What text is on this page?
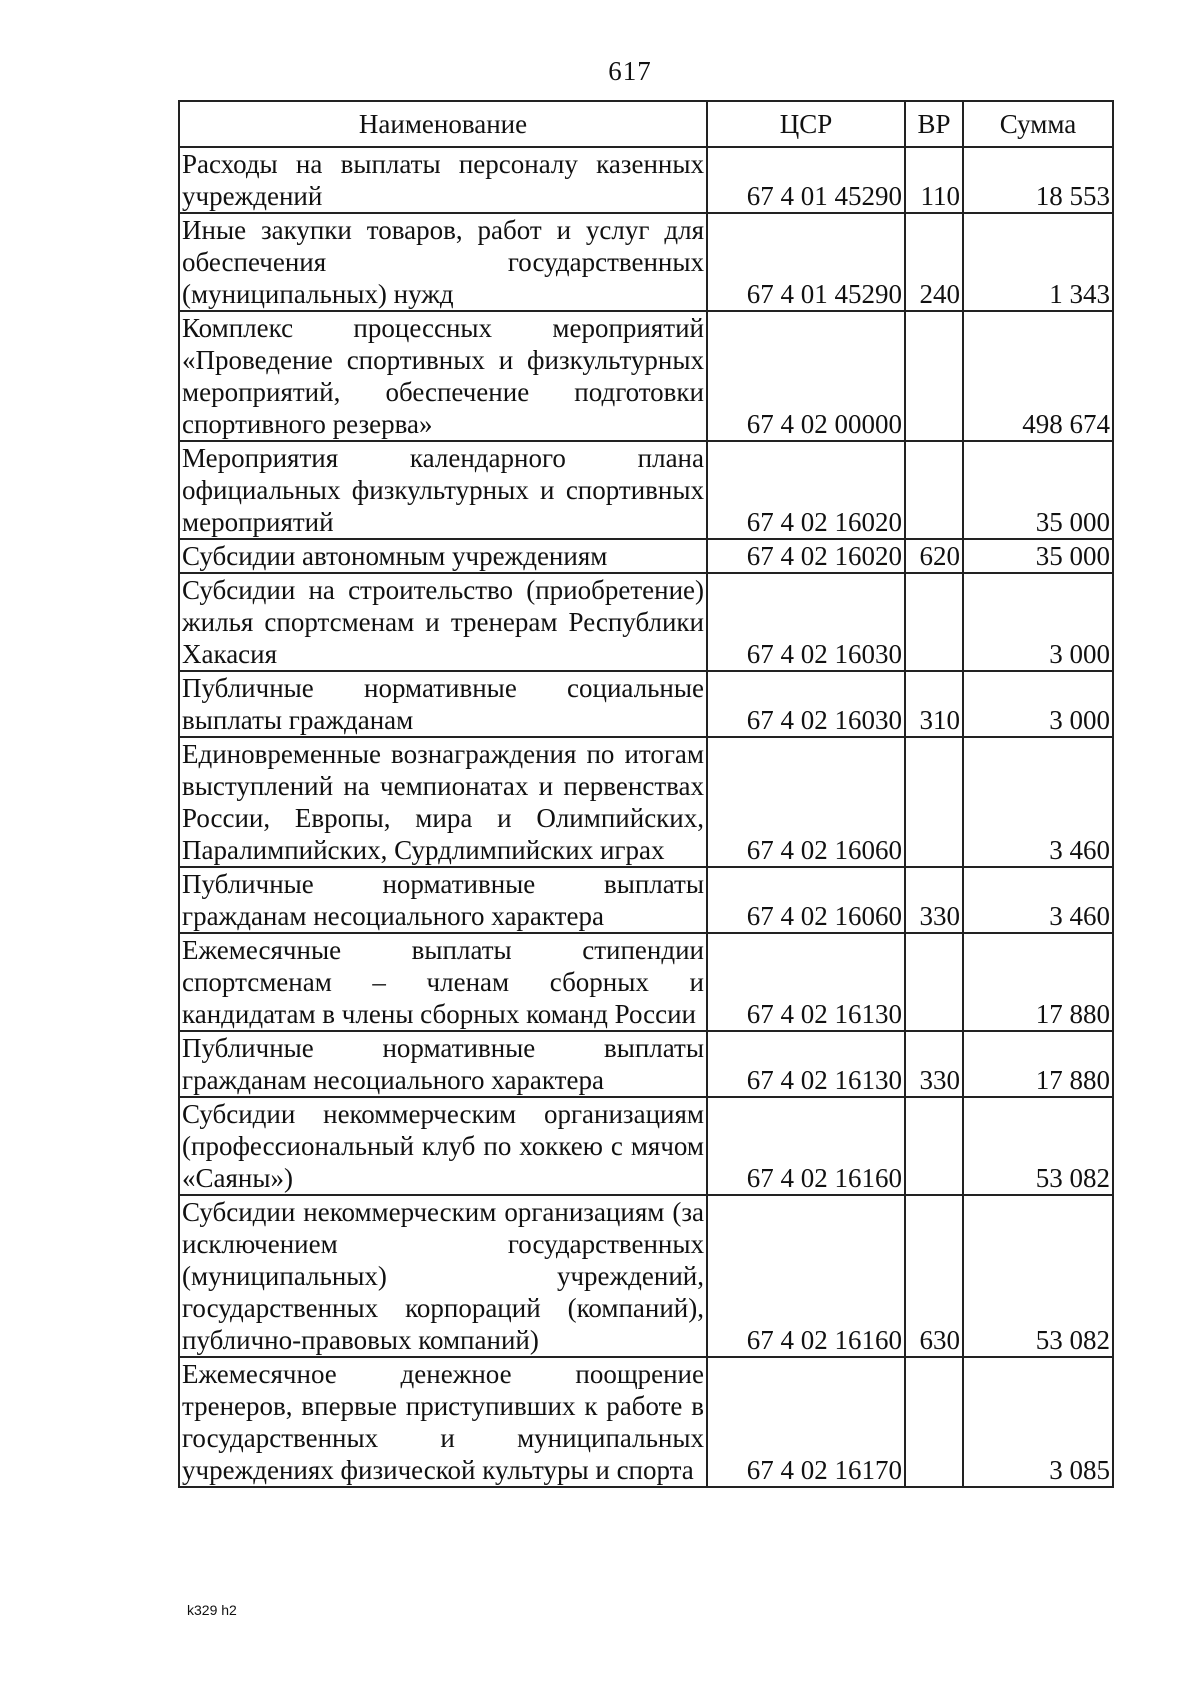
617
Наименование	ЦСР	ВР	Сумма
Расходы на выплаты персоналу казенных учреждений	67 4 01 45290	110	18 553
Иные закупки товаров, работ и услуг для обеспечения государственных (муниципальных) нужд	67 4 01 45290	240	1 343
Комплекс процессных мероприятий «Проведение спортивных и физкультурных мероприятий, обеспечение подготовки спортивного резерва»	67 4 02 00000		498 674
Мероприятия календарного плана официальных физкультурных и спортивных мероприятий	67 4 02 16020		35 000
Субсидии автономным учреждениям	67 4 02 16020	620	35 000
Субсидии на строительство (приобретение) жилья спортсменам и тренерам Республики Хакасия	67 4 02 16030		3 000
Публичные нормативные социальные выплаты гражданам	67 4 02 16030	310	3 000
Единовременные вознаграждения по итогам выступлений на чемпионатах и первенствах России, Европы, мира и Олимпийских, Паралимпийских, Сурдлимпийских играх	67 4 02 16060		3 460
Публичные нормативные выплаты гражданам несоциального характера	67 4 02 16060	330	3 460
Ежемесячные выплаты стипендии спортсменам – членам сборных и кандидатам в члены сборных команд России	67 4 02 16130		17 880
Публичные нормативные выплаты гражданам несоциального характера	67 4 02 16130	330	17 880
Субсидии некоммерческим организациям (профессиональный клуб по хоккею с мячом «Саяны»)	67 4 02 16160		53 082
Субсидии некоммерческим организациям (за исключением государственных (муниципальных) учреждений, государственных корпораций (компаний), публично-правовых компаний)	67 4 02 16160	630	53 082
Ежемесячное денежное поощрение тренеров, впервые приступивших к работе в государственных и муниципальных учреждениях физической культуры и спорта	67 4 02 16170		3 085
k329 h2
